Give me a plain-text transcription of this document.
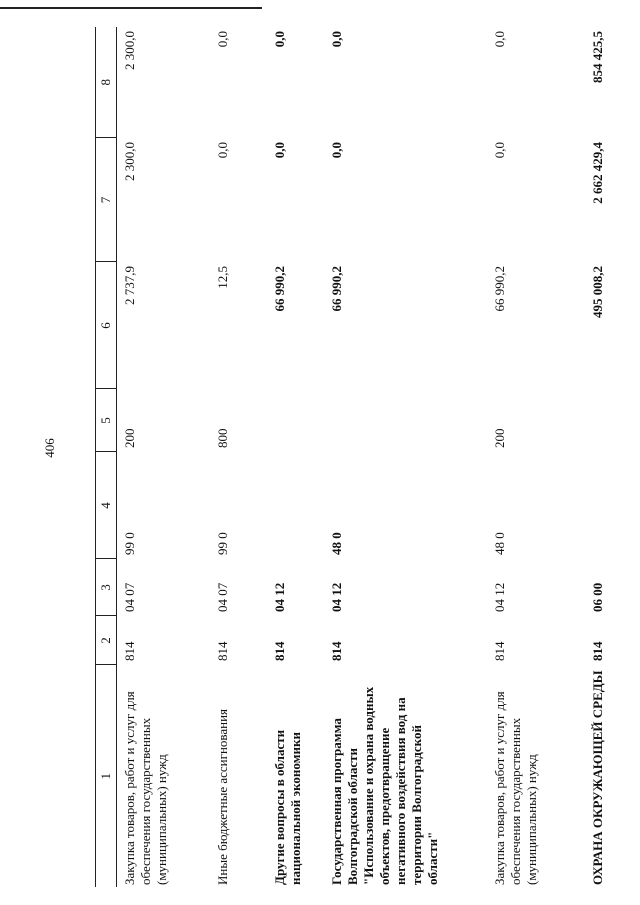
406
1	2	3	4	5	6	7	8
Закупка товаров, работ и услуг для обеспечения государственных (муниципальных) нужд	814	04 07	99 0	200	2 737,9	2 300,0	2 300,0
Иные бюджетные ассигнования	814	04 07	99 0	800	12,5	0,0	0,0
Другие вопросы в области национальной экономики	814	04 12			66 990,2	0,0	0,0
Государственная программа Волгоградской области "Использование и охрана водных объектов, предотвращение негативного воздействия вод на территории Волгоградской области"	814	04 12	48 0		66 990,2	0,0	0,0
Закупка товаров, работ и услуг для обеспечения государственных (муниципальных) нужд	814	04 12	48 0	200	66 990,2	0,0	0,0
ОХРАНА ОКРУЖАЮЩЕЙ СРЕДЫ	814	06 00			495 008,2	2 662 429,4	854 425,5
